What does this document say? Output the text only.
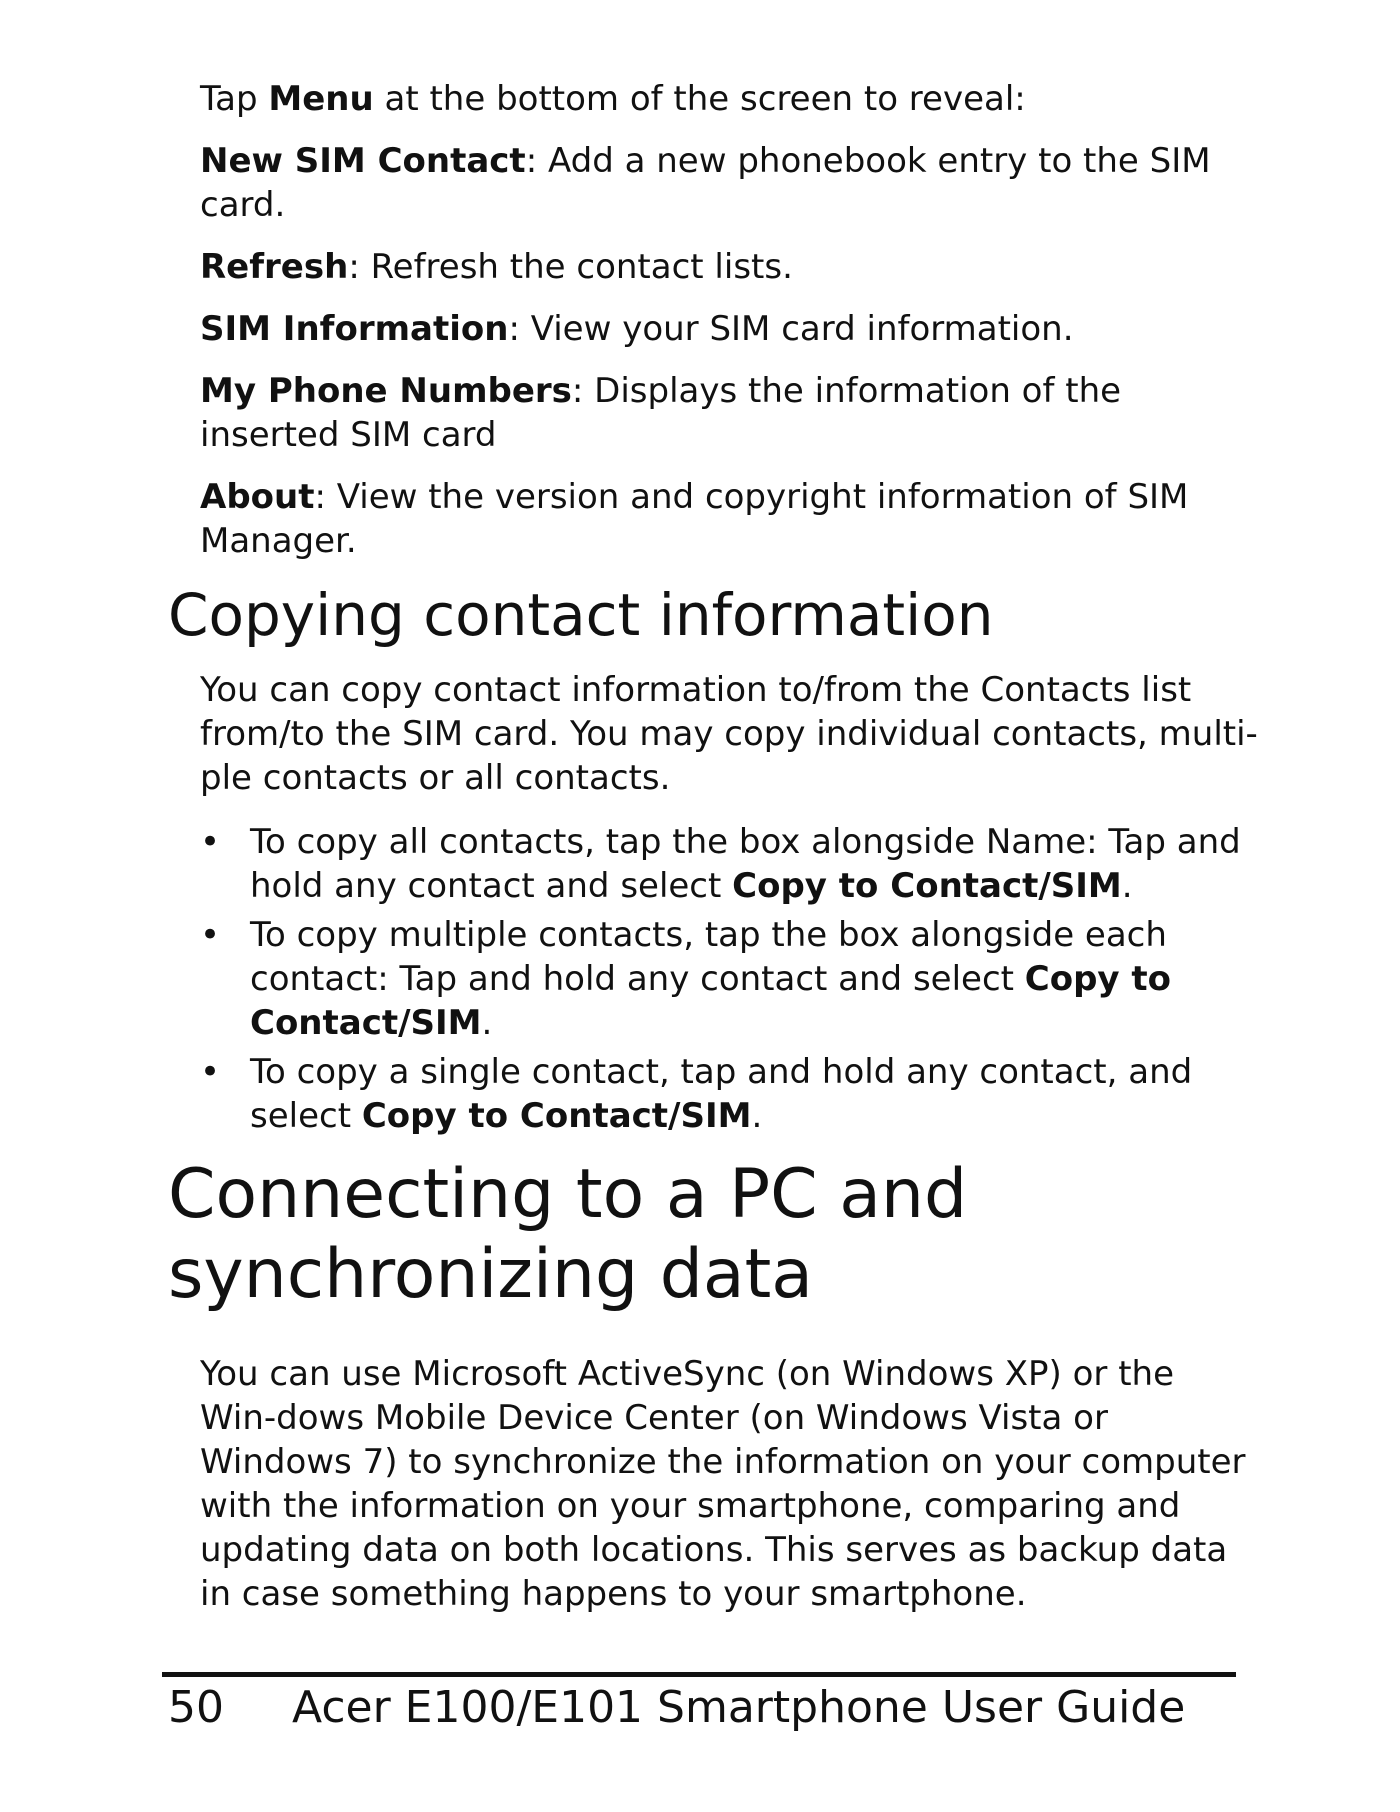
Tap Menu at the bottom of the screen to reveal:

New SIM Contact: Add a new phonebook entry to the SIM card.

Refresh: Refresh the contact lists.

SIM Information: View your SIM card information.

My Phone Numbers: Displays the information of the inserted SIM card

About: View the version and copyright information of SIM Manager.

Copying contact information

You can copy contact information to/from the Contacts list from/to the SIM card. You may copy individual contacts, multi-ple contacts or all contacts.

• To copy all contacts, tap the box alongside Name: Tap and hold any contact and select Copy to Contact/SIM.
• To copy multiple contacts, tap the box alongside each contact: Tap and hold any contact and select Copy to Contact/SIM.
• To copy a single contact, tap and hold any contact, and select Copy to Contact/SIM.
Connecting to a PC and
synchronizing data

You can use Microsoft ActiveSync (on Windows XP) or the Win-dows Mobile Device Center (on Windows Vista or Windows 7) to synchronize the information on your computer with the information on your smartphone, comparing and updating data on both locations. This serves as backup data in case something happens to your smartphone.

50 Acer E100/E101 Smartphone User Guide
